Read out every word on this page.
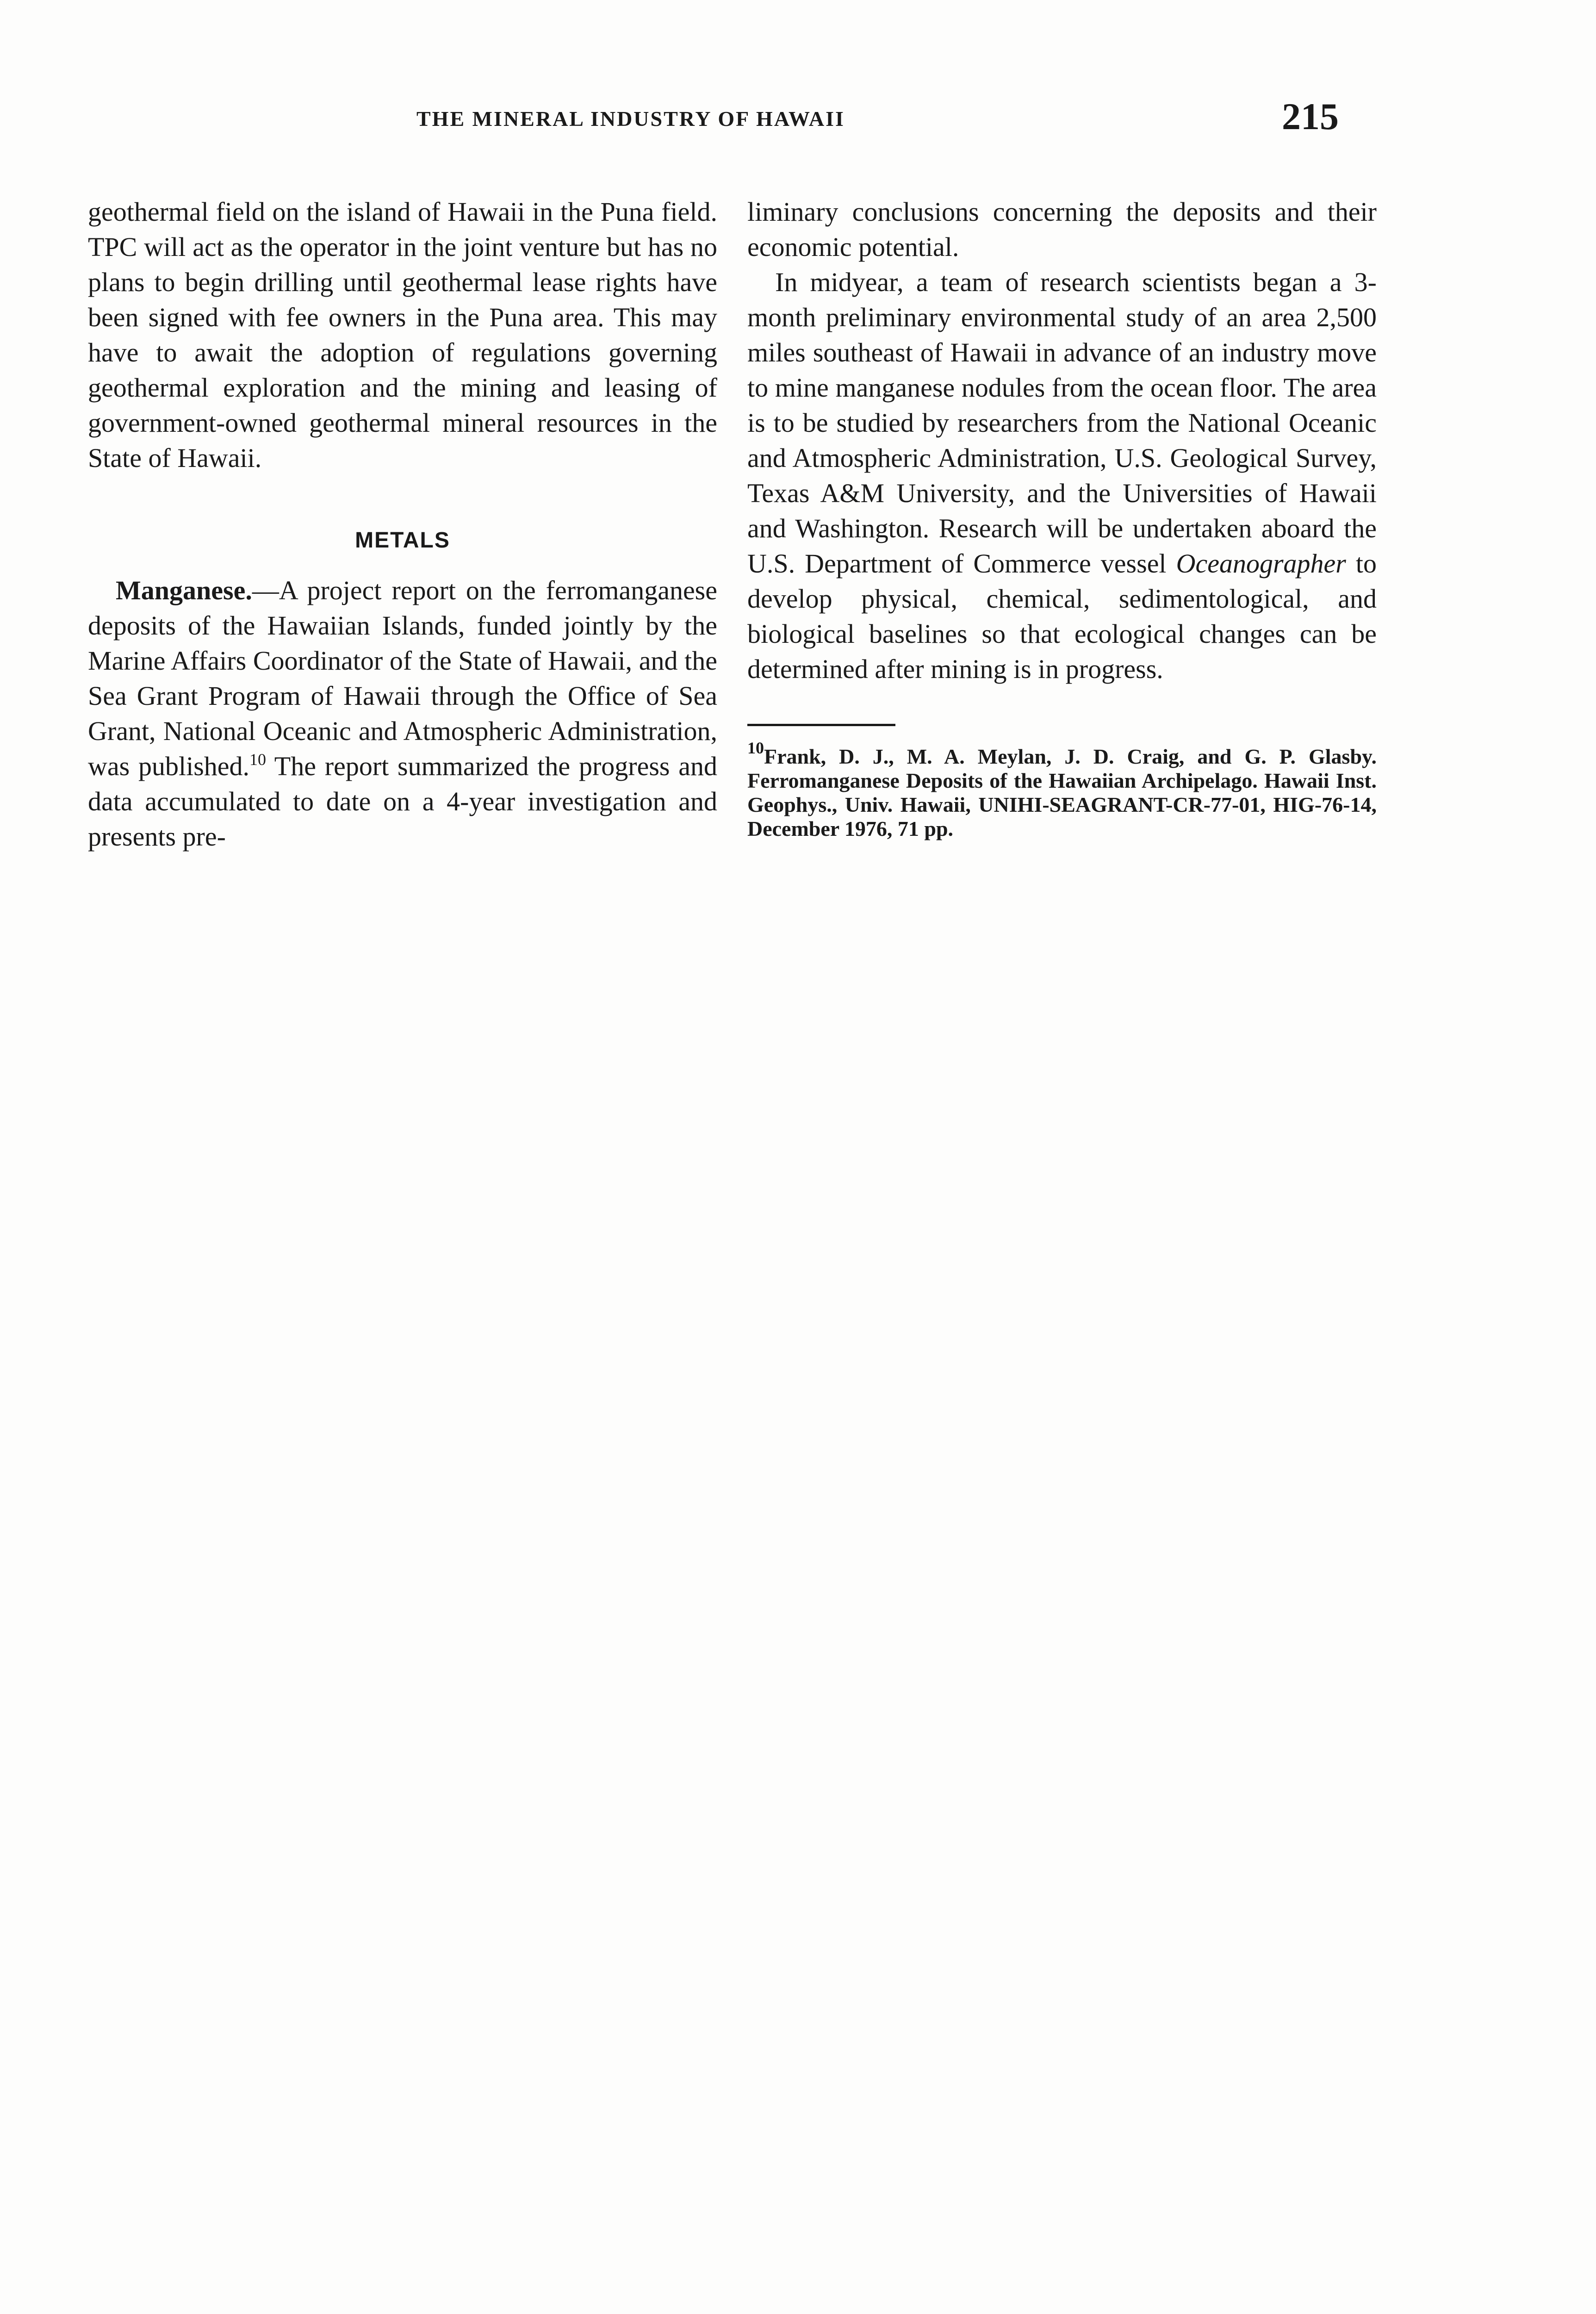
THE MINERAL INDUSTRY OF HAWAII	215

geothermal field on the island of Hawaii in the Puna field. TPC will act as the operator in the joint venture but has no plans to begin drilling until geothermal lease rights have been signed with fee owners in the Puna area. This may have to await the adoption of regulations governing geothermal exploration and the mining and leasing of government-owned geothermal mineral resources in the State of Hawaii.

METALS

Manganese.—A project report on the ferromanganese deposits of the Hawaiian Islands, funded jointly by the Marine Affairs Coordinator of the State of Hawaii, and the Sea Grant Program of Hawaii through the Office of Sea Grant, National Oceanic and Atmospheric Administration, was published.$^{10}$ The report summarized the progress and data accumulated to date on a 4-year investigation and presents pre-

liminary conclusions concerning the deposits and their economic potential.

In midyear, a team of research scientists began a 3-month preliminary environmental study of an area 2,500 miles southeast of Hawaii in advance of an industry move to mine manganese nodules from the ocean floor. The area is to be studied by researchers from the National Oceanic and Atmospheric Administration, U.S. Geological Survey, Texas A&M University, and the Universities of Hawaii and Washington. Research will be undertaken aboard the U.S. Department of Commerce vessel Oceanographer to develop physical, chemical, sedimentological, and biological baselines so that ecological changes can be determined after mining is in progress.

$^{10}$Frank, D. J., M. A. Meylan, J. D. Craig, and G. P. Glasby. Ferromanganese Deposits of the Hawaiian Archipelago. Hawaii Inst. Geophys., Univ. Hawaii, UNIHI-SEAGRANT-CR-77-01, HIG-76-14, December 1976, 71 pp.
